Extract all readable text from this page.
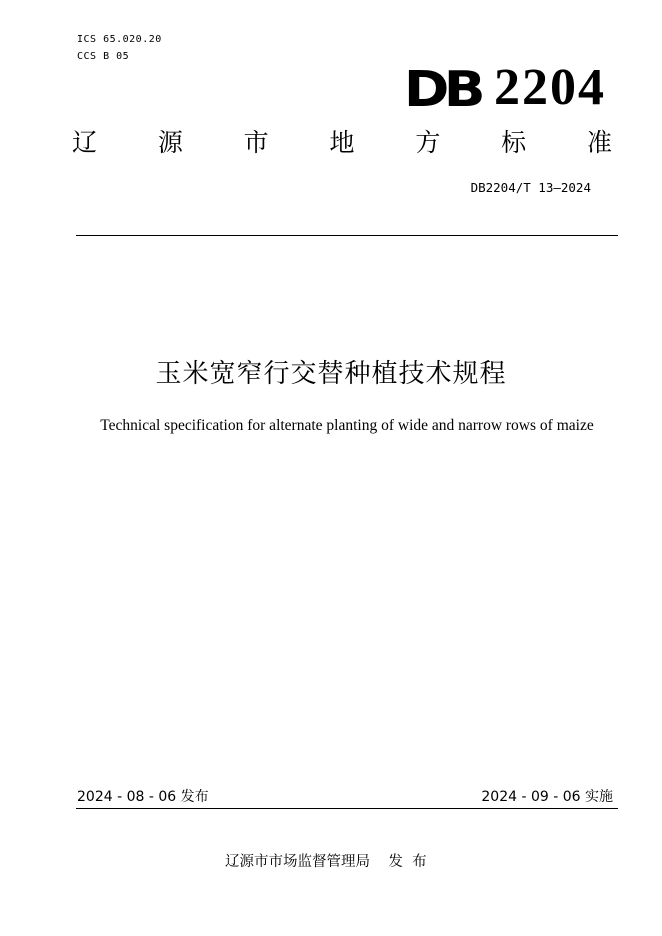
ICS 65.020.20
CCS B 05
DB 2204
辽 源 市 地 方 标 准
DB2204/T 13—2024
玉米宽窄行交替种植技术规程
Technical specification for alternate planting of wide and narrow rows of maize
2024 - 08 - 06 发布	2024 - 09 - 06 实施
辽源市市场监督管理局    发  布
